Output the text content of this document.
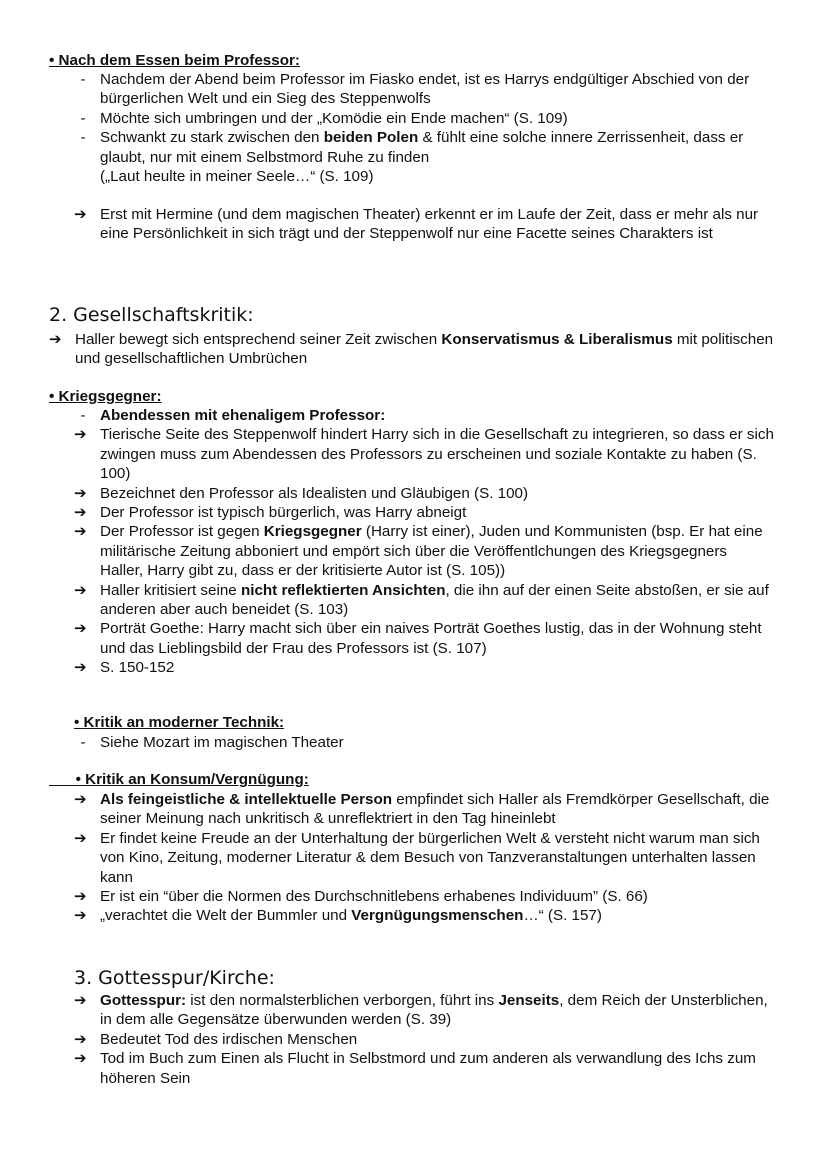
• Nach dem Essen beim Professor:
- Nachdem der Abend beim Professor im Fiasko endet, ist es Harrys endgültiger Abschied von der bürgerlichen Welt und ein Sieg des Steppenwolfs
- Möchte sich umbringen und der „Komödie ein Ende machen“ (S. 109)
- Schwankt zu stark zwischen den beiden Polen & fühlt eine solche innere Zerrissenheit, dass er glaubt, nur mit einem Selbstmord Ruhe zu finden
(„Laut heulte in meiner Seele…“ (S. 109)
➔ Erst mit Hermine (und dem magischen Theater) erkennt er im Laufe der Zeit, dass er mehr als nur eine Persönlichkeit in sich trägt und der Steppenwolf nur eine Facette seines Charakters ist
2. Gesellschaftskritik:
➔ Haller bewegt sich entsprechend seiner Zeit zwischen Konservatismus & Liberalismus mit politischen und gesellschaftlichen Umbrüchen
• Kriegsgegner:
- Abendessen mit ehenaligem Professor:
➔ Tierische Seite des Steppenwolf hindert Harry sich in die Gesellschaft zu integrieren, so dass er sich zwingen muss zum Abendessen des Professors zu erscheinen und soziale Kontakte zu haben (S. 100)
➔ Bezeichnet den Professor als Idealisten und Gläubigen (S. 100)
➔ Der Professor ist typisch bürgerlich, was Harry abneigt
➔ Der Professor ist gegen Kriegsgegner (Harry ist einer), Juden und Kommunisten (bsp. Er hat eine militärische Zeitung abboniert und empört sich über die Veröffentlchungen des Kriegsgegners Haller, Harry gibt zu, dass er der kritisierte Autor ist (S. 105))
➔ Haller kritisiert seine nicht reflektierten Ansichten, die ihn auf der einen Seite abstoßen, er sie auf anderen aber auch beneidet (S. 103)
➔ Porträt Goethe: Harry macht sich über ein naives Porträt Goethes lustig, das in der Wohnung steht und das Lieblingsbild der Frau des Professors ist (S. 107)
➔ S. 150-152
• Kritik an moderner Technik:
- Siehe Mozart im magischen Theater
                     • Kritik an Konsum/Vergnügung:
➔ Als feingeistliche & intellektuelle Person empfindet sich Haller als Fremdkörper Gesellschaft, die seiner Meinung nach unkritisch & unreflektriert in den Tag hineinlebt
➔ Er findet keine Freude an der Unterhaltung der bürgerlichen Welt & versteht nicht warum man sich von Kino, Zeitung, moderner Literatur & dem Besuch von Tanzveranstaltungen unterhalten lassen kann
➔ Er ist ein “über die Normen des Durchschnitlebens erhabenes Individuum” (S. 66)
➔ „verachtet die Welt der Bummler und Vergnügungsmenschen…“ (S. 157)
3. Gottesspur/Kirche:
➔ Gottesspur: ist den normalsterblichen verborgen, führt ins Jenseits, dem Reich der Unsterblichen, in dem alle Gegensätze überwunden werden (S. 39)
➔ Bedeutet Tod des irdischen Menschen
➔ Tod im Buch zum Einen als Flucht in Selbstmord und zum anderen als verwandlung des Ichs zum höheren Sein
